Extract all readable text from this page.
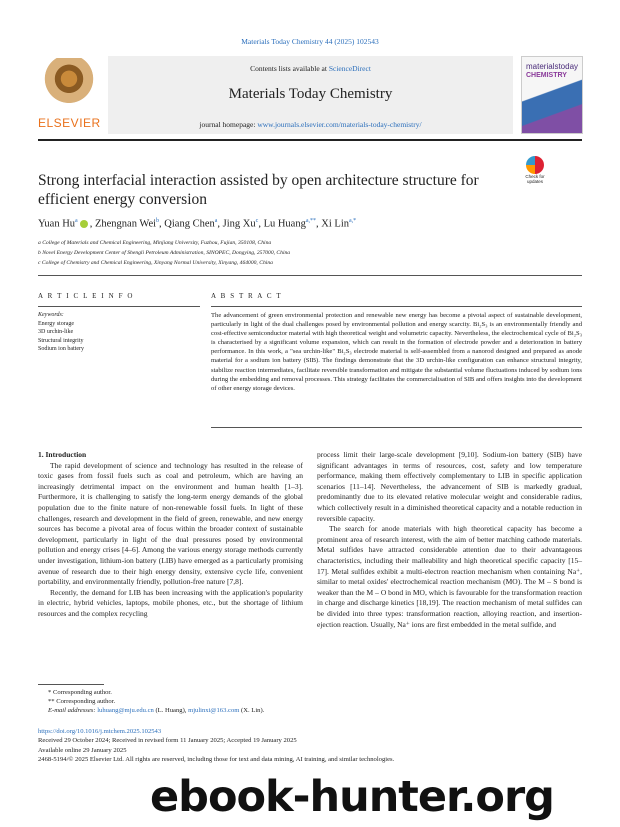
Materials Today Chemistry 44 (2025) 102543
ELSEVIER
Contents lists available at ScienceDirect
Materials Today Chemistry
journal homepage: www.journals.elsevier.com/materials-today-chemistry/
materialstoday
CHEMISTRY
Check for updates
Strong interfacial interaction assisted by open architecture structure for efficient energy conversion
Yuan Hu$^a$ , Zhengnan Wei$^b$, Qiang Chen$^a$, Jing Xu$^c$, Lu Huang$^{a,**}$, Xi Lin$^{a,*}$
a College of Materials and Chemical Engineering, Minjiang University, Fuzhou, Fujian, 350108, China
b Novel Energy Development Center of Shengli Petroleum Administration, SINOPEC, Dongying, 257000, China
c College of Chemistry and Chemical Engineering, Xinyang Normal University, Xinyang, 464000, China
A R T I C L E I N F O	A B S T R A C T
Keywords:
Energy storage
3D urchin-like
Structural integrity
Sodium ion battery
The advancement of green environmental protection and renewable new energy has become a pivotal aspect of sustainable development, particularly in light of the dual challenges posed by environmental pollution and energy scarcity. Bi₂S₃ is an environmentally friendly and cost-effective semiconductor material with high theoretical weight and volumetric capacity. Nevertheless, the electrochemical cycle of Bi₂S₃ is characterised by a significant volume expansion, which can result in the formation of electrode powder and a deterioration in battery performance. In this work, a "sea urchin-like" Bi₂S₃ electrode material is self-assembled from a nanorod designed and prepared as anode material for a sodium ion battery (SIB). The findings demonstrate that the 3D urchin-like configuration can enhance structural integrity, stabilize reaction intermediates, facilitate reversible transformation and mitigate the substantial volume fluctuations induced by sodium ions during the embedding and removal processes. This strategy facilitates the commercialisation of SIB and offers insights into the development of other energy storage devices.

1. Introduction

The rapid development of science and technology has resulted in the release of toxic gases from fossil fuels such as coal and petroleum, which are having an increasingly detrimental impact on the environment and human health [1–3]. Furthermore, it is challenging to satisfy the long-term energy demands of the global population due to the finite nature of non-renewable fossil fuels. In light of these challenges, research and development in the field of green, renewable, and new energy sources has become a pivotal area of focus within the broader context of sustainable development, particularly in light of the dual pressures posed by environmental pollution and energy crises [4–6]. Among the various energy storage methods currently under investigation, lithium-ion battery (LIB) have emerged as a particularly promising avenue of research due to their high energy density, extensive cycle life, convenient portability, and environmentally friendly, pollution-free nature [7,8].

Recently, the demand for LIB has been increasing with the application's popularity in electric, hybrid vehicles, laptops, mobile phones, etc., but the shortage of lithium resources and the complex recycling

process limit their large-scale development [9,10]. Sodium-ion battery (SIB) have significant advantages in terms of resources, cost, safety and low temperature performance, making them effectively complementary to LIB in specific application scenarios [11–14]. Nevertheless, the advancement of SIB is markedly gradual, predominantly due to its elevated relative molecular weight and considerable radius, which collectively result in a diminished theoretical capacity and a notable reduction in reversible capacity.

The search for anode materials with high theoretical capacity has become a prominent area of research interest, with the aim of better matching cathode materials. Metal sulfides have attracted considerable attention due to their advantageous characteristics, including their malleability and high theoretical specific capacity [15–17]. Metal sulfides exhibit a multi-electron reaction mechanism when containing Na⁺, similar to metal oxides' electrochemical reaction mechanism (MO). The M – S bond is weaker than the M – O bond in MO, which is favourable for the transformation reaction in charge and discharge kinetics [18,19]. The reaction mechanism of metal sulfides can be divided into three types: transformation reaction, alloying reaction, and insertion-ejection reaction. Usually, Na⁺ ions are first embedded in the metal sulfide, and

* Corresponding author.
** Corresponding author.
E-mail addresses: luhuang@mju.edu.cn (L. Huang), mjulinxi@163.com (X. Lin).
https://doi.org/10.1016/j.mtchem.2025.102543
Received 29 October 2024; Received in revised form 11 January 2025; Accepted 19 January 2025
Available online 29 January 2025
2468-5194/© 2025 Elsevier Ltd. All rights are reserved, including those for text and data mining, AI training, and similar technologies.
ebook-hunter.org
